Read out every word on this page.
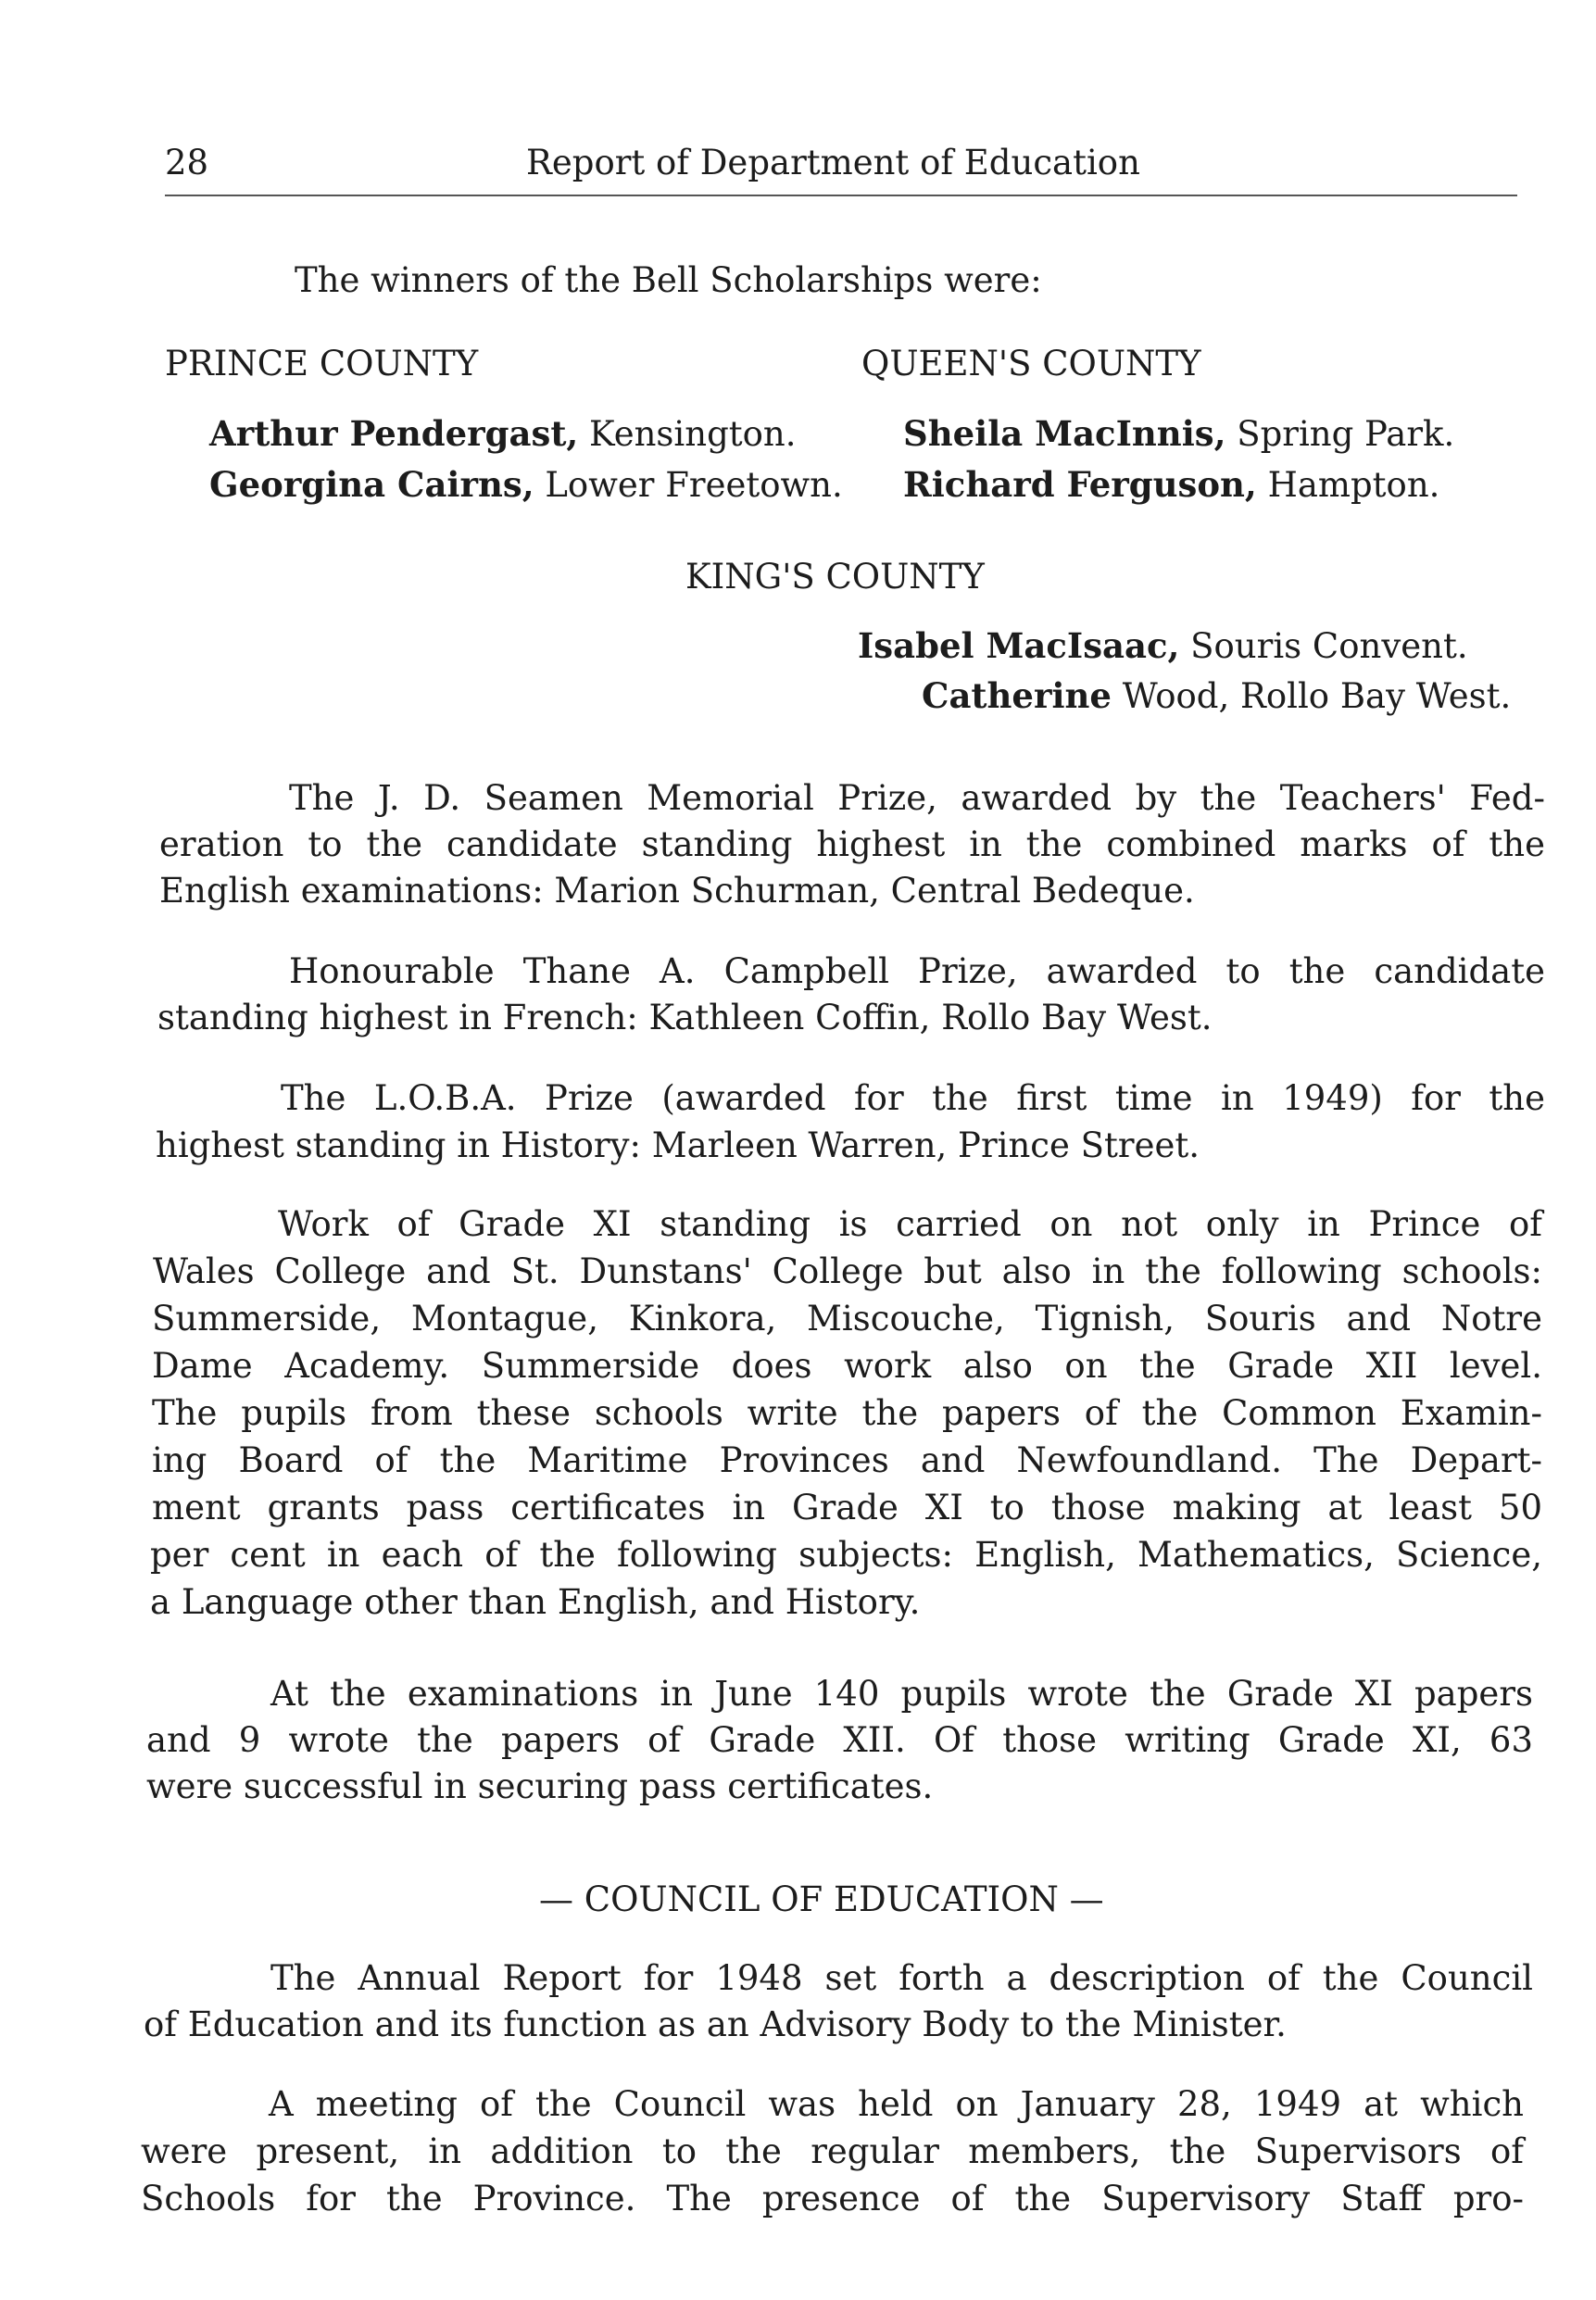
28	Report of Department of Education
The winners of the Bell Scholarships were:
PRINCE COUNTY
Arthur Pendergast, Kensington.
Georgina Cairns, Lower Freetown.
QUEEN'S COUNTY
Sheila MacInnis, Spring Park.
Richard Ferguson, Hampton.
KING'S COUNTY
Isabel MacIsaac, Souris Convent.
Catherine Wood, Rollo Bay West.
The J. D. Seamen Memorial Prize, awarded by the Teachers' Fed-
eration to the candidate standing highest in the combined marks of the
English examinations: Marion Schurman, Central Bedeque.
Honourable Thane A. Campbell Prize, awarded to the candidate
standing highest in French: Kathleen Coffin, Rollo Bay West.
The L.O.B.A. Prize (awarded for the first time in 1949) for the
highest standing in History: Marleen Warren, Prince Street.
Work of Grade XI standing is carried on not only in Prince of
Wales College and St. Dunstans' College but also in the following schools:
Summerside, Montague, Kinkora, Miscouche, Tignish, Souris and Notre
Dame Academy. Summerside does work also on the Grade XII level.
The pupils from these schools write the papers of the Common Examin-
ing Board of the Maritime Provinces and Newfoundland. The Depart-
ment grants pass certificates in Grade XI to those making at least 50
per cent in each of the following subjects: English, Mathematics, Science,
a Language other than English, and History.
At the examinations in June 140 pupils wrote the Grade XI papers
and 9 wrote the papers of Grade XII. Of those writing Grade XI, 63
were successful in securing pass certificates.
— COUNCIL OF EDUCATION —
The Annual Report for 1948 set forth a description of the Council
of Education and its function as an Advisory Body to the Minister.
A meeting of the Council was held on January 28, 1949 at which
were present, in addition to the regular members, the Supervisors of
Schools for the Province. The presence of the Supervisory Staff pro-
